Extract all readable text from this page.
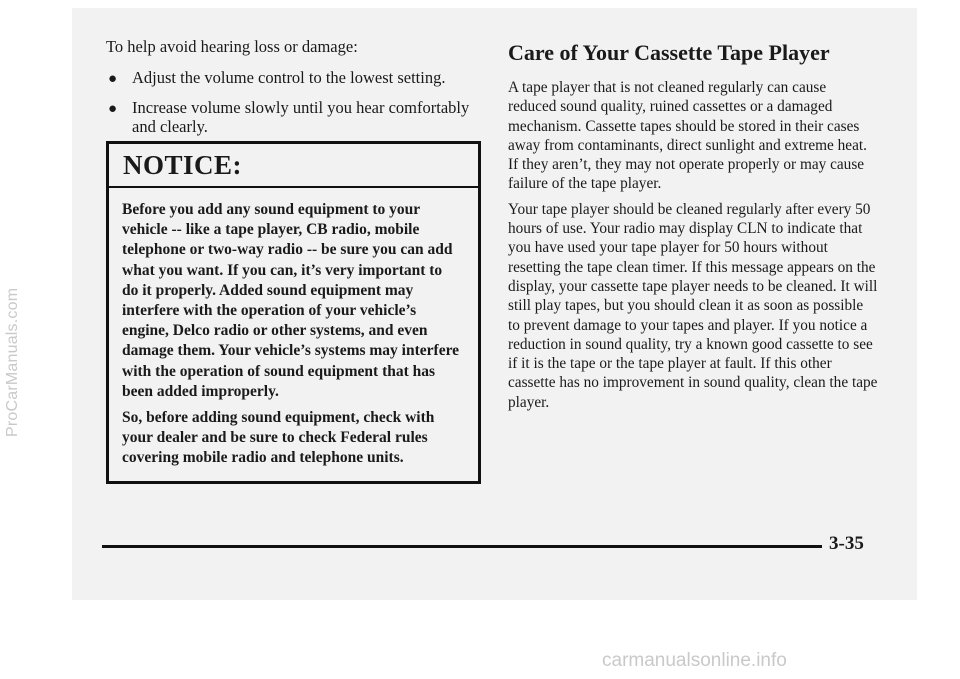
To help avoid hearing loss or damage:

● Adjust the volume control to the lowest setting.
● Increase volume slowly until you hear comfortably and clearly.
NOTICE:

Before you add any sound equipment to your vehicle -- like a tape player, CB radio, mobile telephone or two-way radio -- be sure you can add what you want. If you can, it’s very important to do it properly. Added sound equipment may interfere with the operation of your vehicle’s engine, Delco radio or other systems, and even damage them. Your vehicle’s systems may interfere with the operation of sound equipment that has been added improperly.

So, before adding sound equipment, check with your dealer and be sure to check Federal rules covering mobile radio and telephone units.

Care of Your Cassette Tape Player

A tape player that is not cleaned regularly can cause reduced sound quality, ruined cassettes or a damaged mechanism. Cassette tapes should be stored in their cases away from contaminants, direct sunlight and extreme heat. If they aren’t, they may not operate properly or may cause failure of the tape player.

Your tape player should be cleaned regularly after every 50 hours of use. Your radio may display CLN to indicate that you have used your tape player for 50 hours without resetting the tape clean timer. If this message appears on the display, your cassette tape player needs to be cleaned. It will still play tapes, but you should clean it as soon as possible to prevent damage to your tapes and player. If you notice a reduction in sound quality, try a known good cassette to see if it is the tape or the tape player at fault. If this other cassette has no improvement in sound quality, clean the tape player.

3-35
ProCarManuals.com
carmanualsonline.info
